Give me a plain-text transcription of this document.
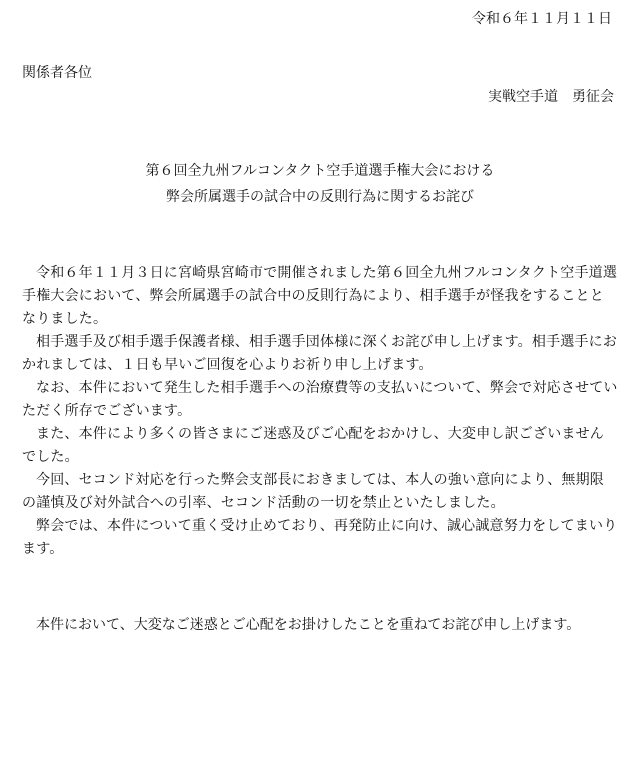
令和６年１１月１１日
関係者各位
実戦空手道　勇征会
第６回全九州フルコンタクト空手道選手権大会における
弊会所属選手の試合中の反則行為に関するお詫び

令和６年１１月３日に宮崎県宮崎市で開催されました第６回全九州フルコンタクト空手道選手権大会において、弊会所属選手の試合中の反則行為により、相手選手が怪我をすることとなりました。

相手選手及び相手選手保護者様、相手選手団体様に深くお詫び申し上げます。相手選手におかれましては、１日も早いご回復を心よりお祈り申し上げます。

なお、本件において発生した相手選手への治療費等の支払いについて、弊会で対応させていただく所存でございます。

また、本件により多くの皆さまにご迷惑及びご心配をおかけし、大変申し訳ございませんでした。

今回、セコンド対応を行った弊会支部長におきましては、本人の強い意向により、無期限の謹慎及び対外試合への引率、セコンド活動の一切を禁止といたしました。

弊会では、本件について重く受け止めており、再発防止に向け、誠心誠意努力をしてまいります。

本件において、大変なご迷惑とご心配をお掛けしたことを重ねてお詫び申し上げます。
